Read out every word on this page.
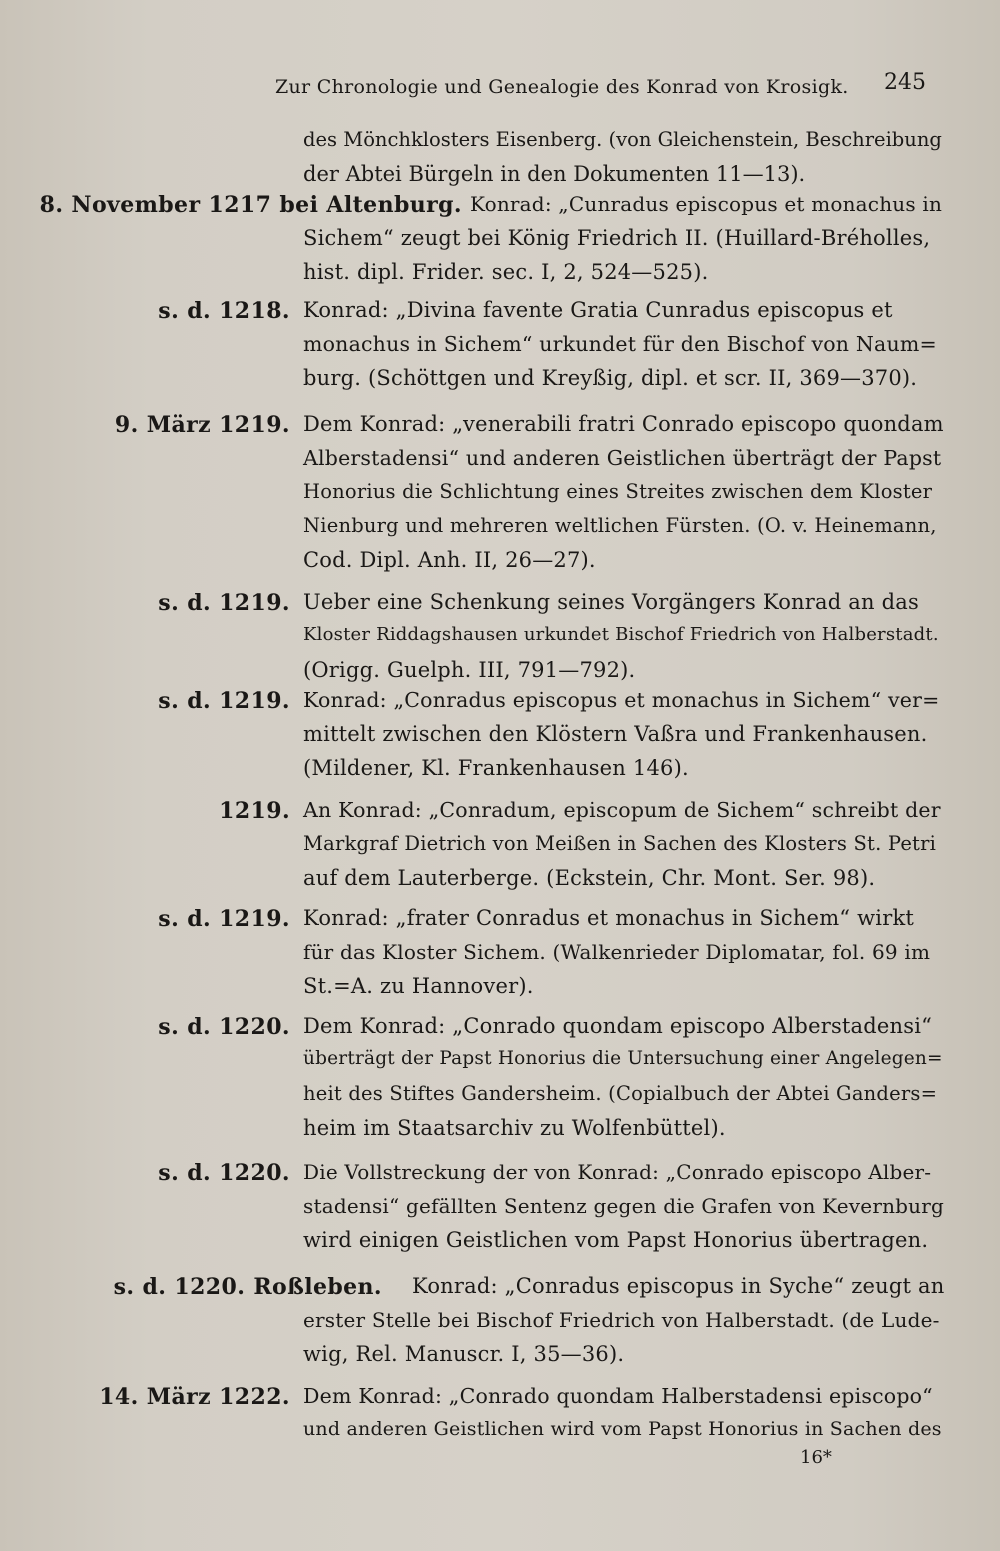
Zur Chronologie und Genealogie des Konrad von Krosigk. 245
des Mönchklosters Eisenberg. (von Gleichenstein, Beschreibung
der Abtei Bürgeln in den Dokumenten 11—13).
8. November 1217 bei Altenburg. Konrad: „Cunradus episcopus et monachus in
Sichem“ zeugt bei König Friedrich II. (Huillard-Bréholles,
hist. dipl. Frider. sec. I, 2, 524—525).
s. d. 1218. Konrad: „Divina favente Gratia Cunradus episcopus et
monachus in Sichem“ urkundet für den Bischof von Naum=
burg. (Schöttgen und Kreyßig, dipl. et scr. II, 369—370).
9. März 1219. Dem Konrad: „venerabili fratri Conrado episcopo quondam
Alberstadensi“ und anderen Geistlichen überträgt der Papst
Honorius die Schlichtung eines Streites zwischen dem Kloster
Nienburg und mehreren weltlichen Fürsten. (O. v. Heinemann,
Cod. Dipl. Anh. II, 26—27).
s. d. 1219. Ueber eine Schenkung seines Vorgängers Konrad an das
Kloster Riddagshausen urkundet Bischof Friedrich von Halberstadt.
(Origg. Guelph. III, 791—792).
s. d. 1219. Konrad: „Conradus episcopus et monachus in Sichem“ ver=
mittelt zwischen den Klöstern Vaßra und Frankenhausen.
(Mildener, Kl. Frankenhausen 146).
1219. An Konrad: „Conradum, episcopum de Sichem“ schreibt der
Markgraf Dietrich von Meißen in Sachen des Klosters St. Petri
auf dem Lauterberge. (Eckstein, Chr. Mont. Ser. 98).
s. d. 1219. Konrad: „frater Conradus et monachus in Sichem“ wirkt
für das Kloster Sichem. (Walkenrieder Diplomatar, fol. 69 im
St.=A. zu Hannover).
s. d. 1220. Dem Konrad: „Conrado quondam episcopo Alberstadensi“
überträgt der Papst Honorius die Untersuchung einer Angelegen=
heit des Stiftes Gandersheim. (Copialbuch der Abtei Ganders=
heim im Staatsarchiv zu Wolfenbüttel).
s. d. 1220. Die Vollstreckung der von Konrad: „Conrado episcopo Alber-
stadensi“ gefällten Sentenz gegen die Grafen von Kevernburg
wird einigen Geistlichen vom Papst Honorius übertragen.
s. d. 1220. Roßleben. Konrad: „Conradus episcopus in Syche“ zeugt an
erster Stelle bei Bischof Friedrich von Halberstadt. (de Lude-
wig, Rel. Manuscr. I, 35—36).
14. März 1222. Dem Konrad: „Conrado quondam Halberstadensi episcopo“
und anderen Geistlichen wird vom Papst Honorius in Sachen des
16*
